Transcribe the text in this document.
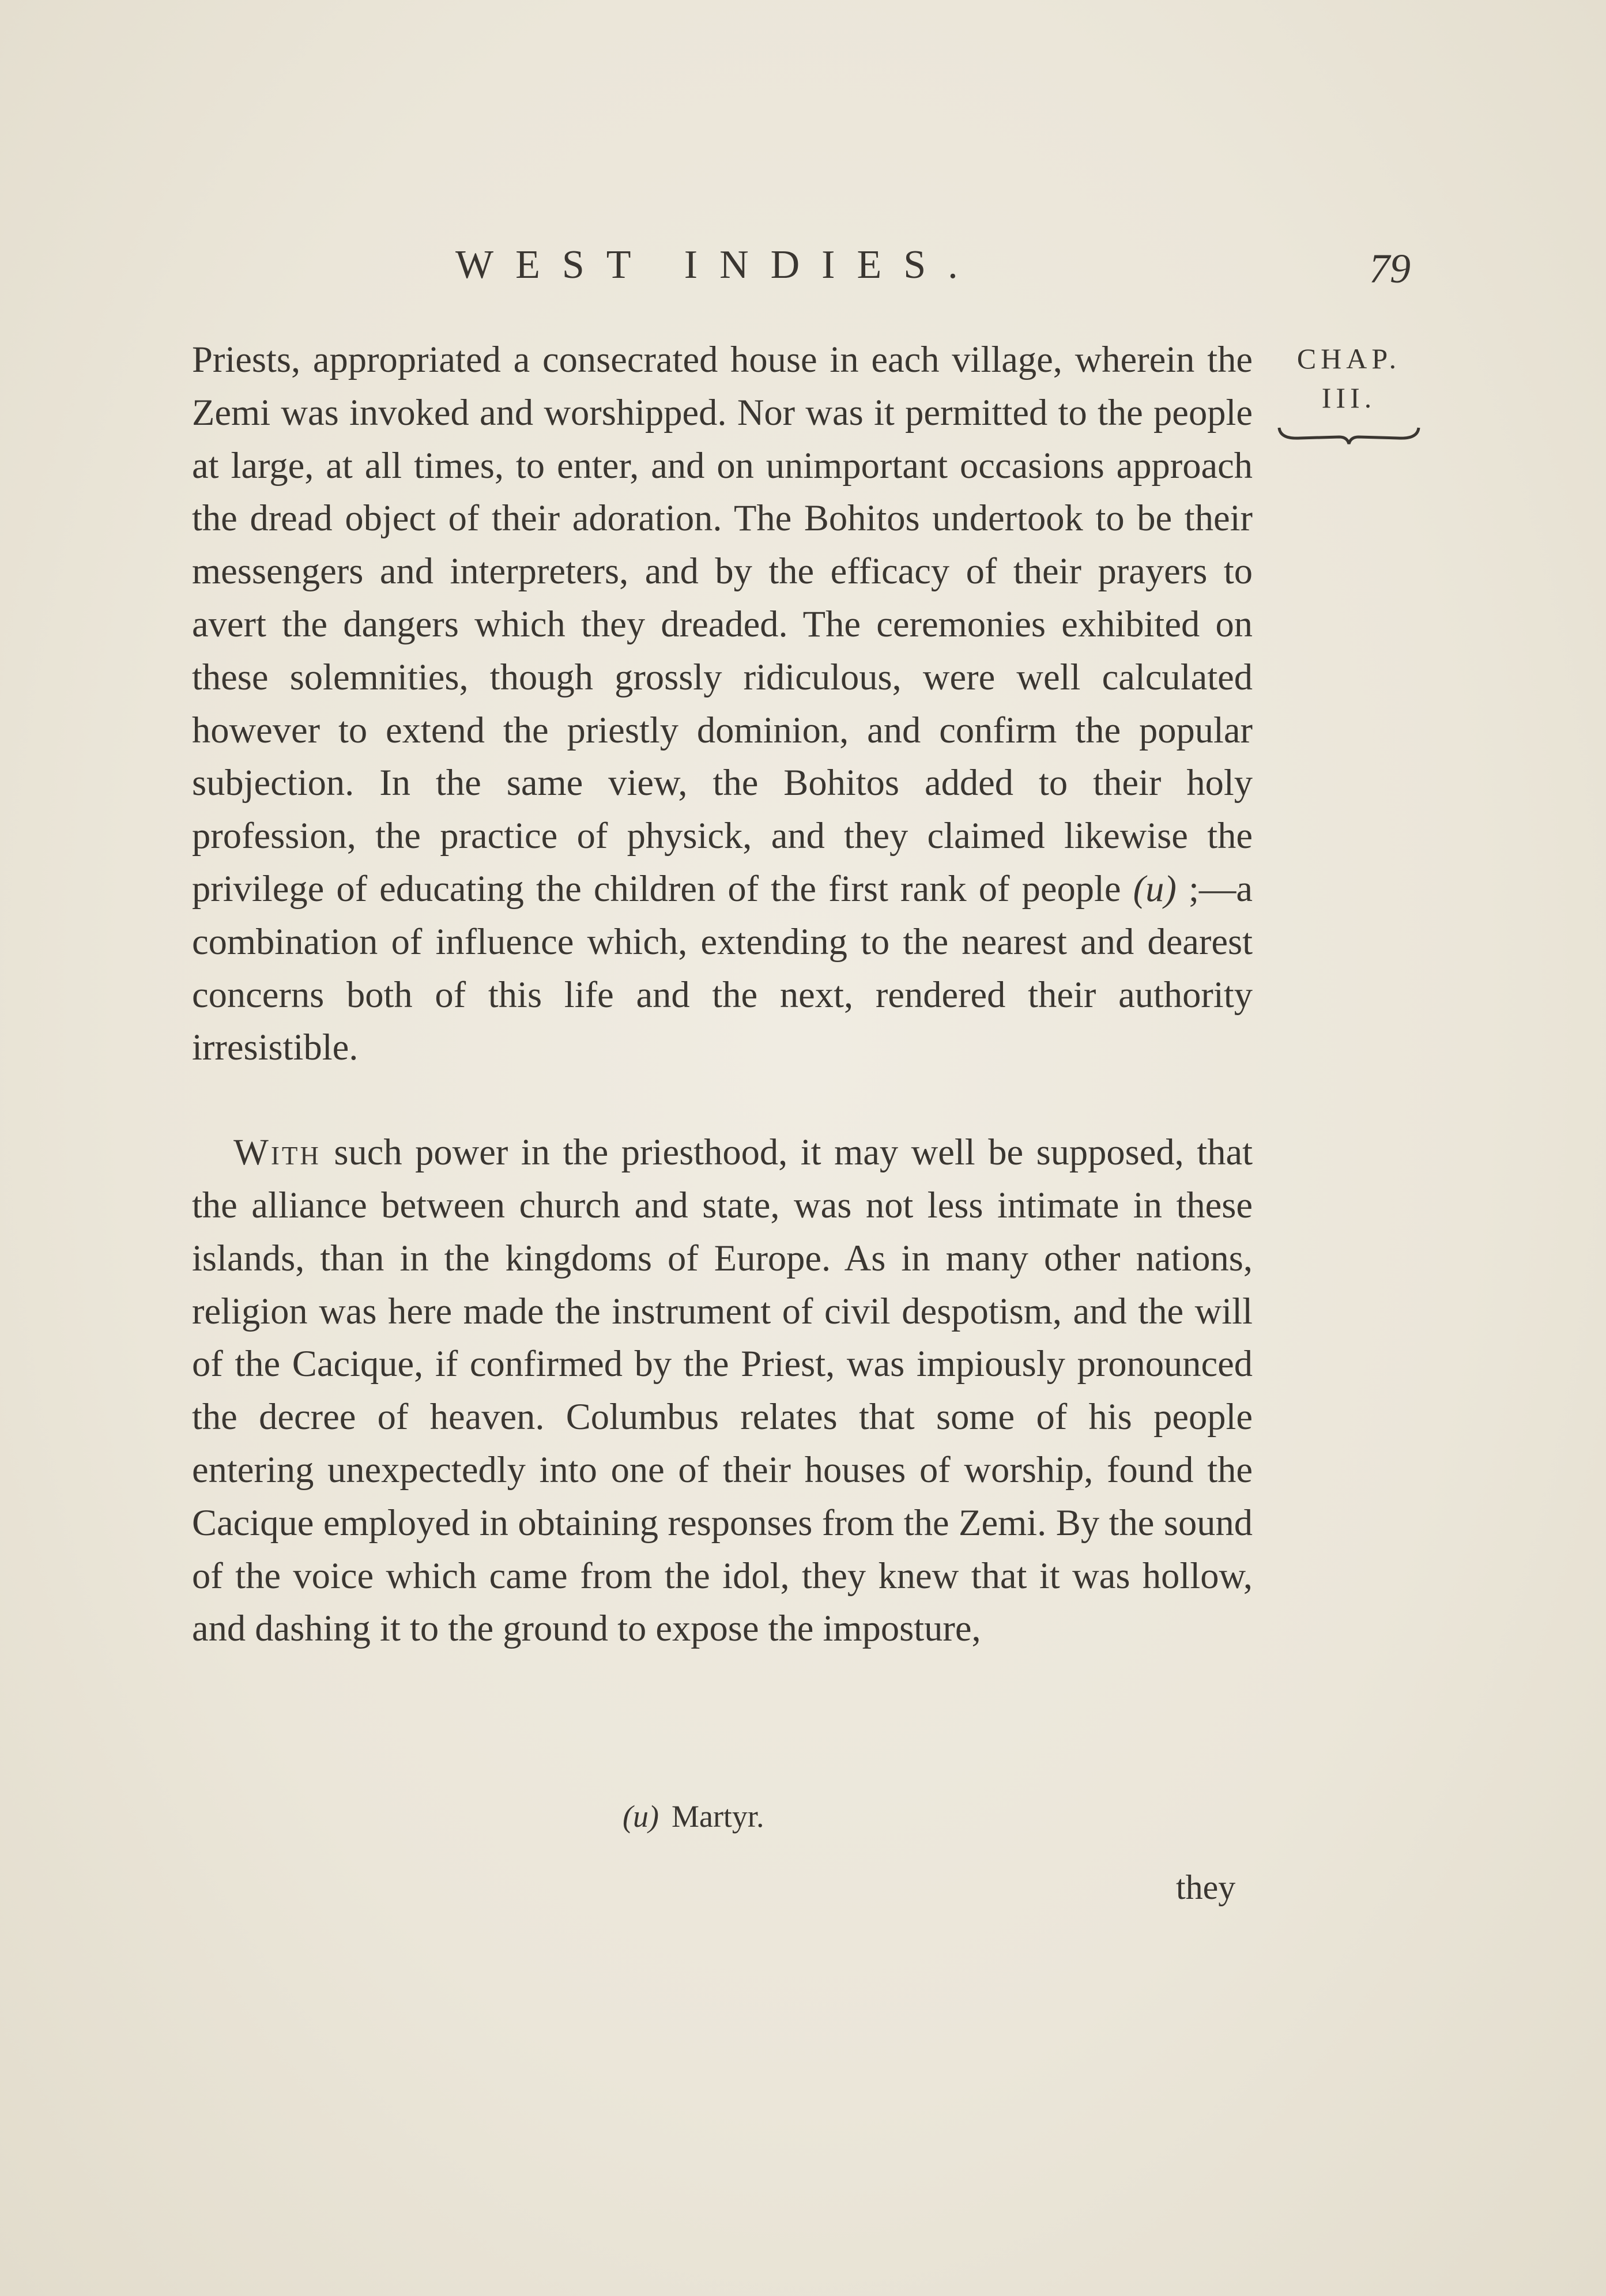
WEST INDIES.	79
CHAP.
III.

Priests, appropriated a consecrated house in each village, wherein the Zemi was invoked and worshipped. Nor was it permitted to the people at large, at all times, to enter, and on unimportant occasions approach the dread object of their adoration. The Bohitos undertook to be their messengers and interpreters, and by the efficacy of their prayers to avert the dangers which they dreaded. The ceremonies exhibited on these solemnities, though grossly ridiculous, were well calculated however to extend the priestly dominion, and confirm the popular subjection. In the same view, the Bohitos added to their holy profession, the practice of physick, and they claimed likewise the privilege of educating the children of the first rank of people (u) ;—a combination of influence which, extending to the nearest and dearest concerns both of this life and the next, rendered their authority irresistible.

With such power in the priesthood, it may well be supposed, that the alliance between church and state, was not less intimate in these islands, than in the kingdoms of Europe. As in many other nations, religion was here made the instrument of civil despotism, and the will of the Cacique, if confirmed by the Priest, was impiously pronounced the decree of heaven. Columbus relates that some of his people entering unexpectedly into one of their houses of worship, found the Cacique employed in obtaining responses from the Zemi. By the sound of the voice which came from the idol, they knew that it was hollow, and dashing it to the ground to expose the imposture,

(u) Martyr.
they
